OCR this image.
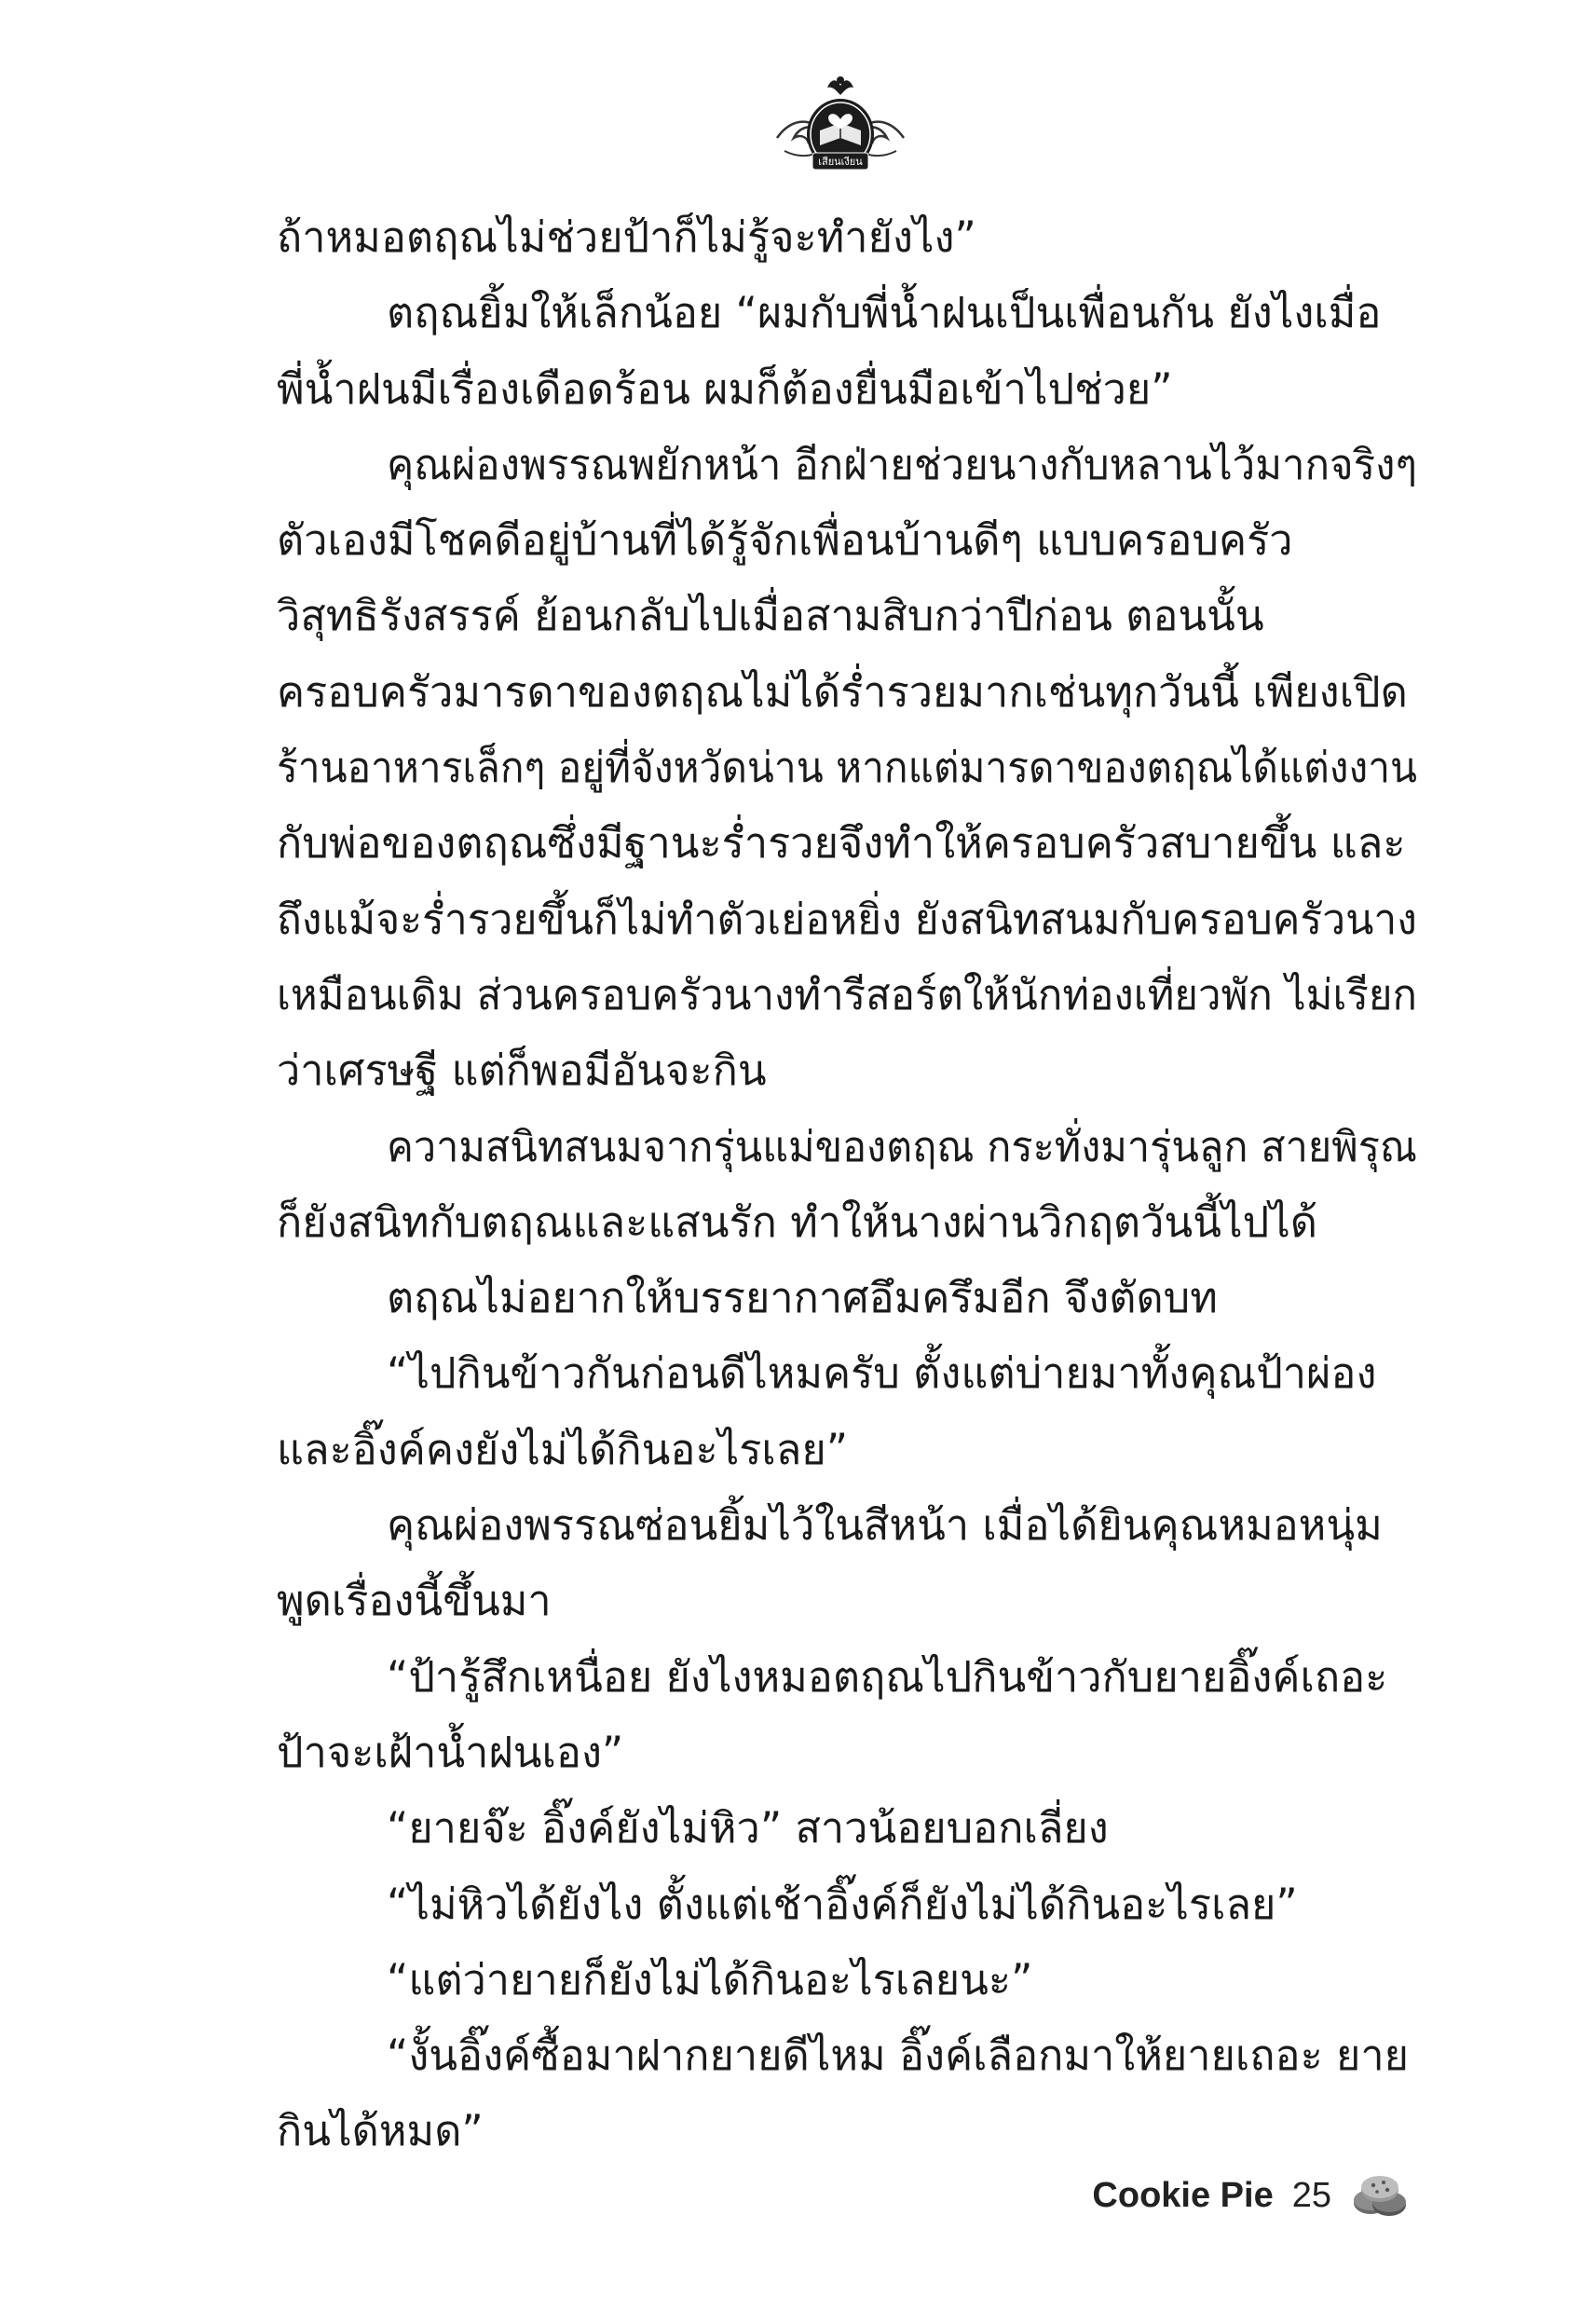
เสียนเงียน
ถ้าหมอตฤณไม่ช่วยป้าก็ไม่รู้จะทำยังไง”
ตฤณยิ้มให้เล็กน้อย “ผมกับพี่น้ำฝนเป็นเพื่อนกัน ยังไงเมื่อ
พี่น้ำฝนมีเรื่องเดือดร้อน ผมก็ต้องยื่นมือเข้าไปช่วย”
คุณผ่องพรรณพยักหน้า อีกฝ่ายช่วยนางกับหลานไว้มากจริงๆ
ตัวเองมีโชคดีอยู่บ้านที่ได้รู้จักเพื่อนบ้านดีๆ แบบครอบครัว
วิสุทธิรังสรรค์ ย้อนกลับไปเมื่อสามสิบกว่าปีก่อน ตอนนั้น
ครอบครัวมารดาของตฤณไม่ได้ร่ำรวยมากเช่นทุกวันนี้ เพียงเปิด
ร้านอาหารเล็กๆ อยู่ที่จังหวัดน่าน หากแต่มารดาของตฤณได้แต่งงาน
กับพ่อของตฤณซึ่งมีฐานะร่ำรวยจึงทำให้ครอบครัวสบายขึ้น และ
ถึงแม้จะร่ำรวยขึ้นก็ไม่ทำตัวเย่อหยิ่ง ยังสนิทสนมกับครอบครัวนาง
เหมือนเดิม ส่วนครอบครัวนางทำรีสอร์ตให้นักท่องเที่ยวพัก ไม่เรียก
ว่าเศรษฐี แต่ก็พอมีอันจะกิน
ความสนิทสนมจากรุ่นแม่ของตฤณ กระทั่งมารุ่นลูก สายพิรุณ
ก็ยังสนิทกับตฤณและแสนรัก ทำให้นางผ่านวิกฤตวันนี้ไปได้
ตฤณไม่อยากให้บรรยากาศอึมครึมอีก จึงตัดบท
“ไปกินข้าวกันก่อนดีไหมครับ ตั้งแต่บ่ายมาทั้งคุณป้าผ่อง
และอิ๊งค์คงยังไม่ได้กินอะไรเลย”
คุณผ่องพรรณซ่อนยิ้มไว้ในสีหน้า เมื่อได้ยินคุณหมอหนุ่ม
พูดเรื่องนี้ขึ้นมา
“ป้ารู้สึกเหนื่อย ยังไงหมอตฤณไปกินข้าวกับยายอิ๊งค์เถอะ
ป้าจะเฝ้าน้ำฝนเอง”
“ยายจ๊ะ อิ๊งค์ยังไม่หิว” สาวน้อยบอกเลี่ยง
“ไม่หิวได้ยังไง ตั้งแต่เช้าอิ๊งค์ก็ยังไม่ได้กินอะไรเลย”
“แต่ว่ายายก็ยังไม่ได้กินอะไรเลยนะ”
“งั้นอิ๊งค์ซื้อมาฝากยายดีไหม อิ๊งค์เลือกมาให้ยายเถอะ ยาย
กินได้หมด”
Cookie Pie 25
